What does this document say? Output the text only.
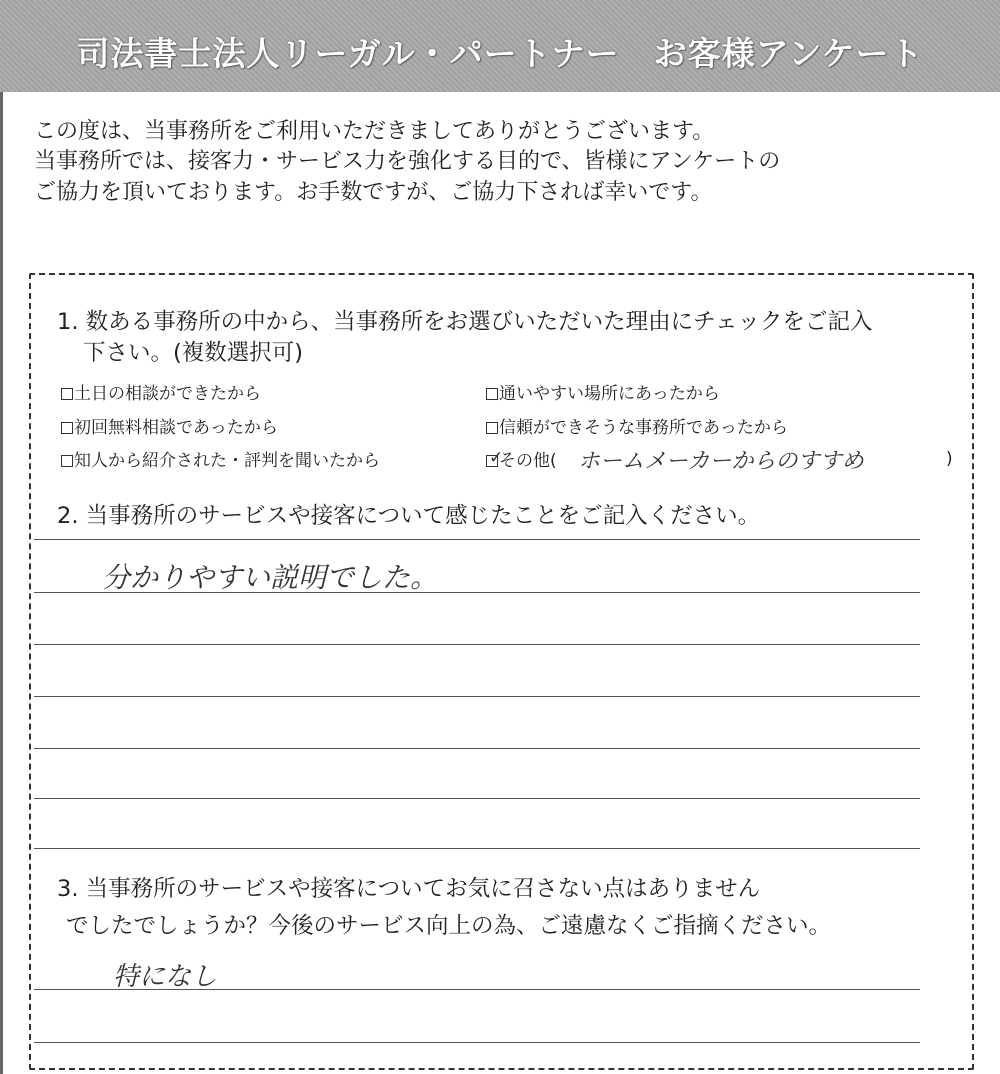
司法書士法人リーガル・パートナー　お客様アンケート
この度は、当事務所をご利用いただきましてありがとうございます。
当事務所では、接客力・サービス力を強化する目的で、皆様にアンケートの
ご協力を頂いております。お手数ですが、ご協力下されば幸いです。
1. 数ある事務所の中から、当事務所をお選びいただいた理由にチェックをご記入
下さい。(複数選択可)
土日の相談ができたから	通いやすい場所にあったから
初回無料相談であったから	信頼ができそうな事務所であったから
知人から紹介された・評判を聞いたから	✓
その他( ホームメーカーからのすすめ	)
2. 当事務所のサービスや接客について感じたことをご記入ください。
分かりやすい説明でした。
3. 当事務所のサービスや接客についてお気に召さない点はありません
でしたでしょうか？今後のサービス向上の為、ご遠慮なくご指摘ください。
特になし
